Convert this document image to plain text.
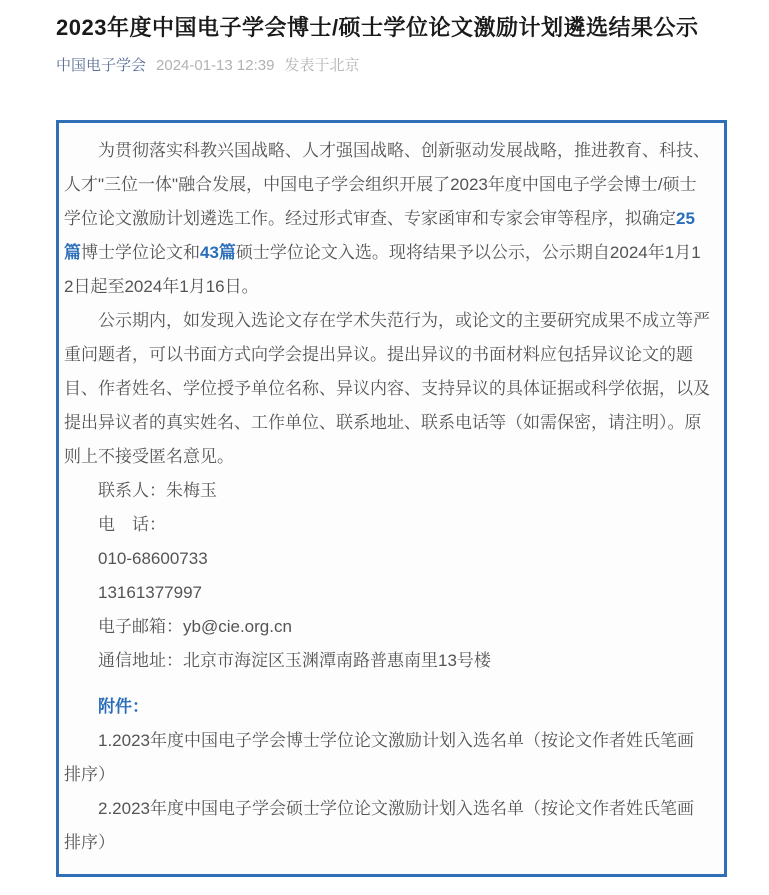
2023年度中国电子学会博士/硕士学位论文激励计划遴选结果公示
中国电子学会 2024-01-13 12:39 发表于北京

为贯彻落实科教兴国战略、人才强国战略、创新驱动发展战略，推进教育、科技、人才"三位一体"融合发展，中国电子学会组织开展了2023年度中国电子学会博士/硕士学位论文激励计划遴选工作。经过形式审查、专家函审和专家会审等程序，拟确定25篇博士学位论文和43篇硕士学位论文入选。现将结果予以公示，公示期自2024年1月12日起至2024年1月16日。

公示期内，如发现入选论文存在学术失范行为，或论文的主要研究成果不成立等严重问题者，可以书面方式向学会提出异议。提出异议的书面材料应包括异议论文的题目、作者姓名、学位授予单位名称、异议内容、支持异议的具体证据或科学依据，以及提出异议者的真实姓名、工作单位、联系地址、联系电话等（如需保密，请注明）。原则上不接受匿名意见。

联系人：朱梅玉

电　话：

010-68600733

13161377997

电子邮箱：yb@cie.org.cn

通信地址：北京市海淀区玉渊潭南路普惠南里13号楼

附件：

1.2023年度中国电子学会博士学位论文激励计划入选名单（按论文作者姓氏笔画排序）

2.2023年度中国电子学会硕士学位论文激励计划入选名单（按论文作者姓氏笔画排序）
